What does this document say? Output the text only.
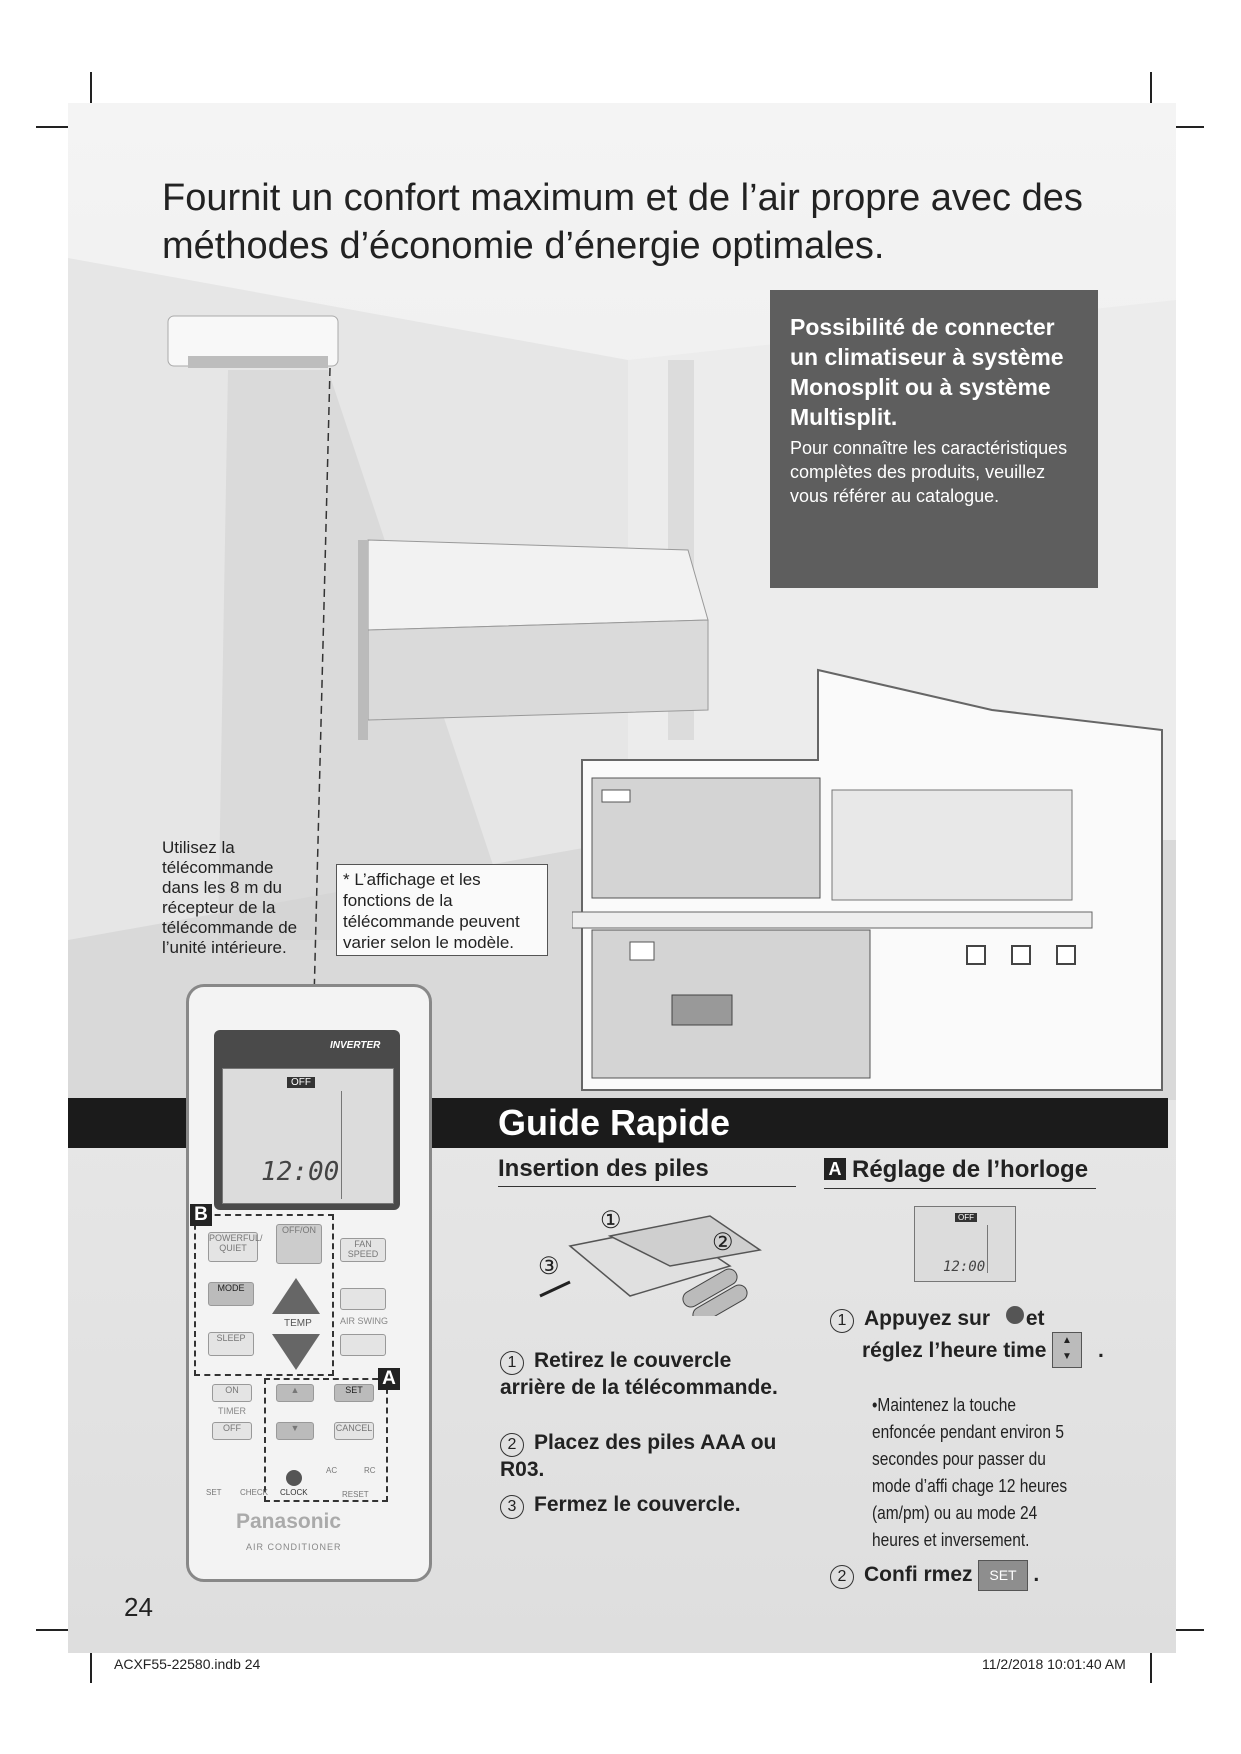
Fournit un confort maximum et de l’air propre avec des méthodes d’économie d’énergie optimales.
Possibilité de connecter un climatiseur à système Monosplit ou à système Multisplit.
Pour connaître les caractéristiques complètes des produits, veuillez vous référer au catalogue.
Utilisez la télécommande dans les 8 m du récepteur de la télécommande de l’unité intérieure.
* L’affichage et les fonctions de la télécommande peuvent varier selon le modèle.
Guide Rapide
INVERTER
OFF
12:00
B
A
POWERFUL/ QUIET
OFF/ON
FAN SPEED
MODE
TEMP	AIR SWING
SLEEP
ON
TIMER
OFF
▲
▼
SET
CANCEL
SET CHECK CLOCK
AC	RC
RESET
Panasonic
AIR CONDITIONER
Insertion des piles
①
②
③
1 Retirez le couvercle arrière de la télécommande.
2 Placez des piles AAA ou R03.
3 Fermez le couvercle.
A Réglage de l’horloge
OFF
12:00
1 Appuyez sur et
réglez l’heure time	▲
▼	.
•Maintenez la touche enfoncée pendant environ 5 secondes pour passer du mode d’affi chage 12 heures (am/pm) ou au mode 24 heures et inversement.
2 Confi rmez SET .
24
ACXF55-22580.indb 24	11/2/2018 10:01:40 AM
